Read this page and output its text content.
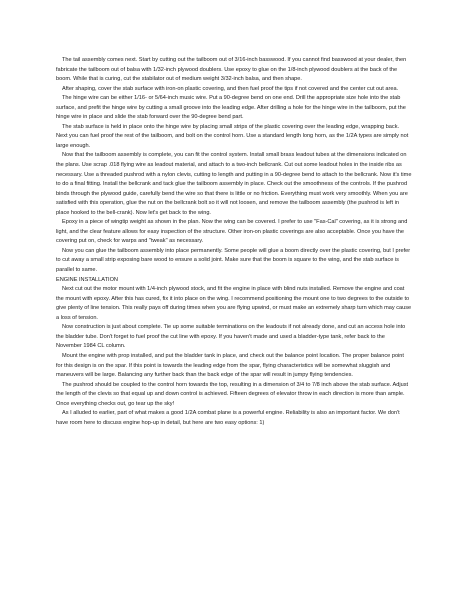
The tail assembly comes next. Start by cutting out the tailboom out of 3/16-inch basswood. If you cannot find basswood at your dealer, then fabricate the tailboom out of balsa with 1/32-inch plywood doublers. Use epoxy to glue on the 1/8-inch plywood doublers at the back of the boom. While that is curing, cut the stabilator out of medium weight 3/32-inch balsa, and then shape.

After shaping, cover the stab surface with iron-on plastic covering, and then fuel proof the tips if not covered and the center cut out area.

The hinge wire can be either 1/16- or 5/64-inch music wire. Put a 90-degree bend on one end. Drill the appropriate size hole into the stab surface, and prefit the hinge wire by cutting a small groove into the leading edge. After drilling a hole for the hinge wire in the tailboom, put the hinge wire in place and slide the stab forward over the 90-degree bend part.

The stab surface is held in place onto the hinge wire by placing small strips of the plastic covering over the leading edge, wrapping back. Next you can fuel proof the rest of the tailboom, and bolt on the control horn. Use a standard length long horn, as the 1/2A types are simply not large enough.

Now that the tailboom assembly is complete, you can fit the control system. Install small brass leadout tubes at the dimensions indicated on the plans. Use scrap .018 flying wire as leadout material, and attach to a two-inch bellcrank. Cut out some leadout holes in the inside ribs as necessary. Use a threaded pushrod with a nylon clevis, cutting to length and putting in a 90-degree bend to attach to the bellcrank. Now it's time to do a final fitting. Install the bellcrank and tack glue the tailboom assembly in place. Check out the smoothness of the controls. If the pushrod binds through the plywood guide, carefully bend the wire so that there is little or no friction. Everything must work very smoothly. When you are satisfied with this operation, glue the nut on the bellcrank bolt so it will not loosen, and remove the tailboom assembly (the pushrod is left in place hooked to the bell-crank). Now let's get back to the wing.

Epoxy in a piece of wingtip weight as shown in the plan. Now the wing can be covered. I prefer to use "Fas-Cal" covering, as it is strong and light, and the clear feature allows for easy inspection of the structure. Other iron-on plastic coverings are also acceptable. Once you have the covering put on, check for warps and "tweak" as necessary.

Now you can glue the tailboom assembly into place permanently. Some people will glue a boom directly over the plastic covering, but I prefer to cut away a small strip exposing bare wood to ensure a solid joint. Make sure that the boom is square to the wing, and the stab surface is parallel to same.

ENGINE INSTALLATION

Next cut out the motor mount with 1/4-inch plywood stock, and fit the engine in place with blind nuts installed. Remove the engine and coat the mount with epoxy. After this has cured, fix it into place on the wing. I recommend positioning the mount one to two degrees to the outside to give plenty of line tension. This really pays off during times when you are flying upwind, or must make an extremely sharp turn which may cause a loss of tension.

Now construction is just about complete. Tie up some suitable terminations on the leadouts if not already done, and cut an access hole into the bladder tube. Don't forget to fuel proof the cut line with epoxy. If you haven't made and used a bladder-type tank, refer back to the November 1984 CL column.

Mount the engine with prop installed, and put the bladder tank in place, and check out the balance point location. The proper balance point for this design is on the spar. If this point is towards the leading edge from the spar, flying characteristics will be somewhat sluggish and maneuvers will be large. Balancing any further back than the back edge of the spar will result in jumpy flying tendencies.

The pushrod should be coupled to the control horn towards the top, resulting in a dimension of 3/4 to 7/8 inch above the stab surface. Adjust the length of the clevis so that equal up and down control is achieved. Fifteen degrees of elevator throw in each direction is more than ample. Once everything checks out, go tear up the sky!

As I alluded to earlier, part of what makes a good 1/2A combat plane is a powerful engine. Reliability is also an important factor. We don't have room here to discuss engine hop-up in detail, but here are two easy options: 1)
